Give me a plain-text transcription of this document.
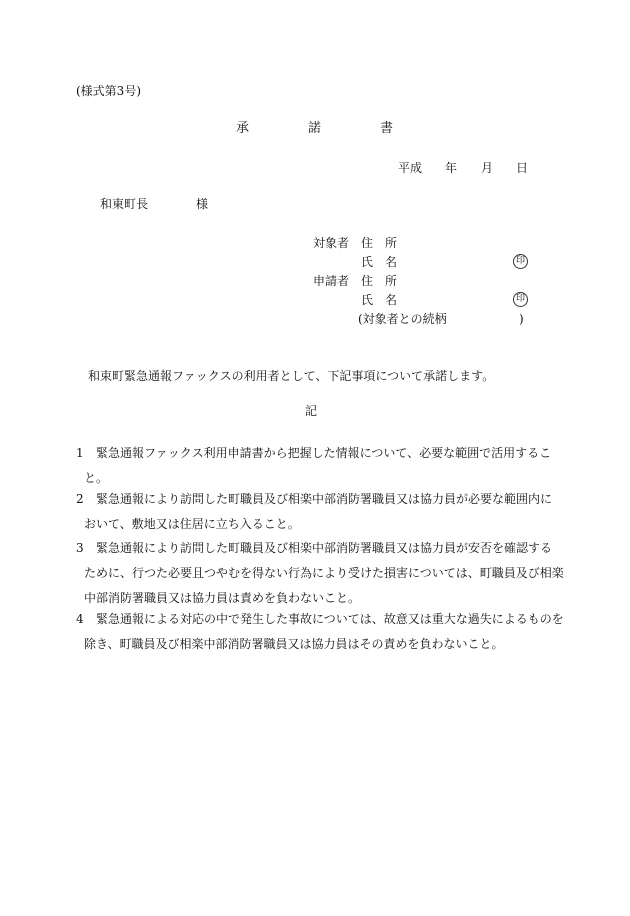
(様式第3号)
承	諾	書
平成 年 月 日
和東町長	様
対象者 住　所
氏　名	印
申請者 住　所
氏　名	印
(対象者との続柄	)
和束町緊急通報ファックスの利用者として、下記事項について承諾します。
記
1 緊急通報ファックス利用申請書から把握した情報について、必要な範囲で活用するこ
と。
2 緊急通報により訪問した町職員及び相楽中部消防署職員又は協力員が必要な範囲内に
おいて、敷地又は住居に立ち入ること。
3 緊急通報により訪問した町職員及び相楽中部消防署職員又は協力員が安否を確認する
ために、行つた必要且つやむを得ない行為により受けた損害については、町職員及び相楽
中部消防署職員又は協力員は責めを負わないこと。
4 緊急通報による対応の中で発生した事故については、故意又は重大な過失によるものを
除き、町職員及び相楽中部消防署職員又は協力員はその責めを負わないこと。
